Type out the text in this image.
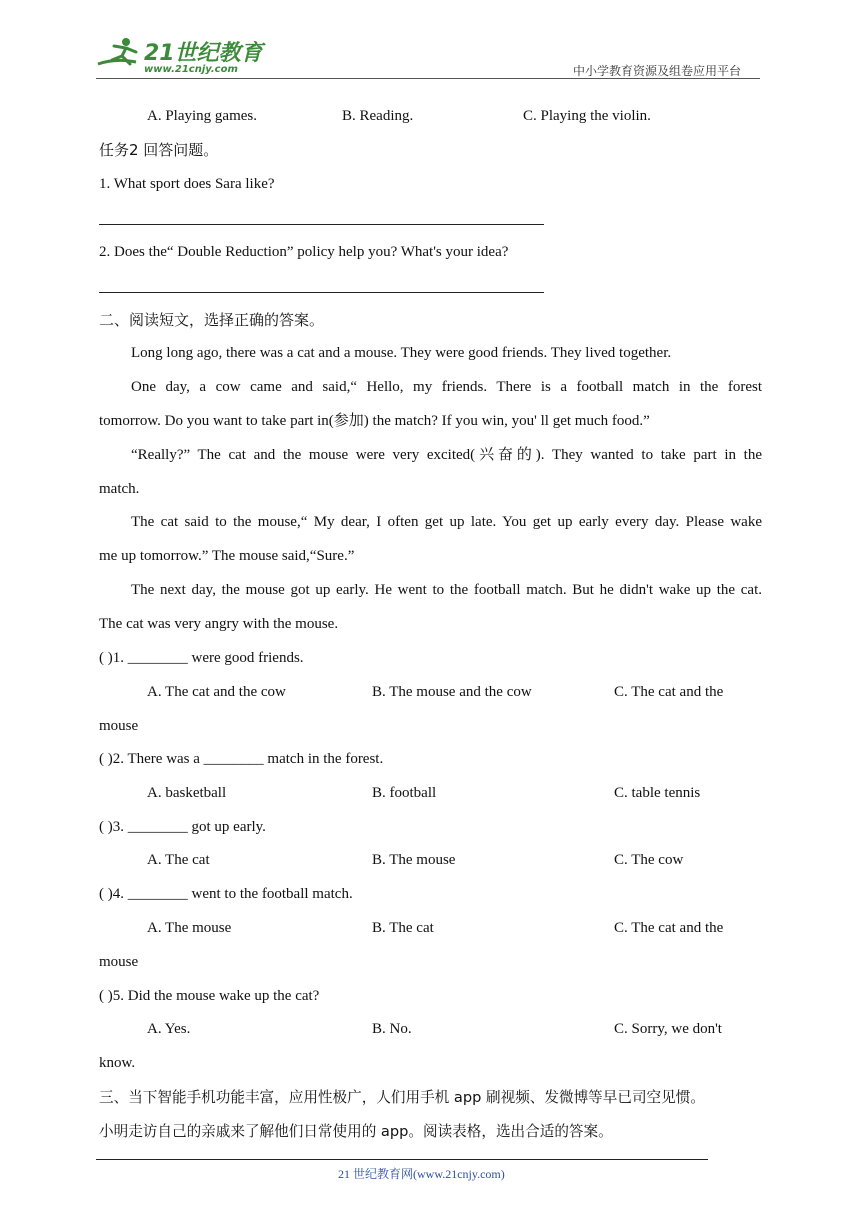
21世纪教育
www.21cnjy.com	中小学教育资源及组卷应用平台
A. Playing games.	B. Reading.	C. Playing the violin.
任务2 回答问题。
1. What sport does Sara like?
2. Does the“ Double Reduction” policy help you? What's your idea?
二、阅读短文，选择正确的答案。
Long long ago, there was a cat and a mouse. They were good friends. They lived together.
One day, a cow came and said,“ Hello, my friends. There is a football match in the forest
tomorrow. Do you want to take part in(参加) the match? If you win, you' ll get much food.”
“Really?” The cat and the mouse were very excited(兴奋的). They wanted to take part in the
match.
The cat said to the mouse,“ My dear, I often get up late. You get up early every day. Please wake
me up tomorrow.” The mouse said,“Sure.”
The next day, the mouse got up early. He went to the football match. But he didn't wake up the cat.
The cat was very angry with the mouse.
( )1. ________ were good friends.
A. The cat and the cow	B. The mouse and the cow	C. The cat and the
mouse
( )2. There was a ________ match in the forest.
A. basketball	B. football	C. table tennis
( )3. ________ got up early.
A. The cat	B. The mouse	C. The cow
( )4. ________ went to the football match.
A. The mouse	B. The cat	C. The cat and the
mouse
( )5. Did the mouse wake up the cat?
A. Yes.	B. No.	C. Sorry, we don't
know.
三、当下智能手机功能丰富，应用性极广，人们用手机 app 刷视频、发微博等早已司空见惯。
小明走访自己的亲戚来了解他们日常使用的 app。阅读表格，选出合适的答案。
21 世纪教育网(www.21cnjy.com)
